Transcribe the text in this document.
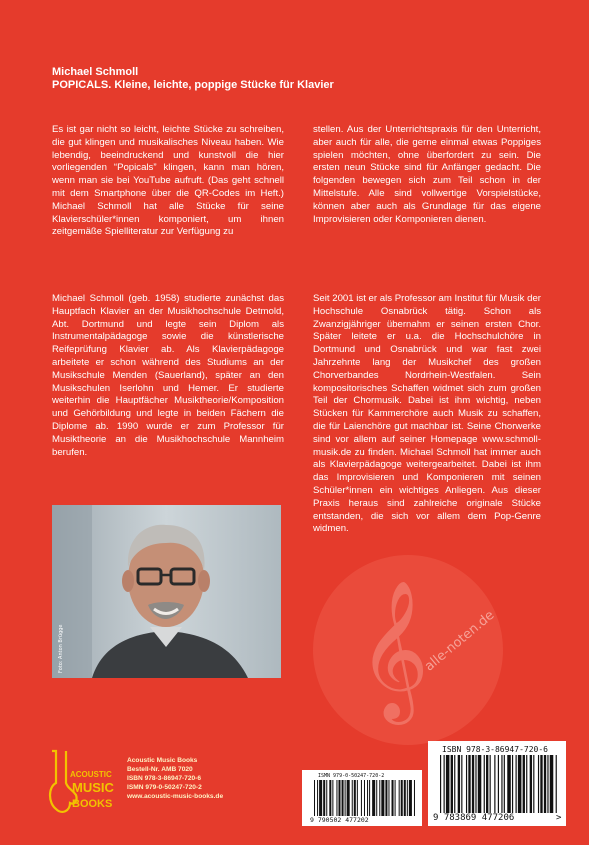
Michael Schmoll
POPICALS. Kleine, leichte, poppige Stücke für Klavier
Es ist gar nicht so leicht, leichte Stücke zu schreiben, die gut klingen und musikalisches Niveau haben. Wie lebendig, beeindruckend und kunstvoll die hier vorliegenden “Popicals” klingen, kann man hören, wenn man sie bei YouTube aufruft. (Das geht schnell mit dem Smartphone über die QR-Codes im Heft.) Michael Schmoll hat alle Stücke für seine Klavierschüler*innen komponiert, um ihnen zeitgemäße Spielliteratur zur Verfügung zu
stellen. Aus der Unterrichtspraxis für den Unterricht, aber auch für alle, die gerne einmal etwas Poppiges spielen möchten, ohne überfordert zu sein. Die ersten neun Stücke sind für Anfänger gedacht. Die folgenden bewegen sich zum Teil schon in der Mittelstufe. Alle sind vollwertige Vorspielstücke, können aber auch als Grundlage für das eigene Improvisieren oder Komponieren dienen.
Michael Schmoll (geb. 1958) studierte zunächst das Hauptfach Klavier an der Musikhochschule Detmold, Abt. Dortmund und legte sein Diplom als Instrumentalpädagoge sowie die künstlerische Reifeprüfung Klavier ab. Als Klavierpädagoge arbeitete er schon während des Studiums an der Musikschule Menden (Sauerland), später an den Musikschulen Iserlohn und Hemer. Er studierte weiterhin die Hauptfächer Musiktheorie/Komposition und Gehörbildung und legte in beiden Fächern die Diplome ab. 1990 wurde er zum Professor für Musiktheorie an die Musikhochschule Mannheim berufen.
Seit 2001 ist er als Professor am Institut für Musik der Hochschule Osnabrück tätig. Schon als Zwanzigjähriger übernahm er seinen ersten Chor. Später leitete er u.a. die Hochschulchöre in Dortmund und Osnabrück und war fast zwei Jahrzehnte lang der Musikchef des großen Chorverbandes Nordrhein-Westfalen. Sein kompositorisches Schaffen widmet sich zum großen Teil der Chormusik. Dabei ist ihm wichtig, neben Stücken für Kammerchöre auch Musik zu schaffen, die für Laienchöre gut machbar ist. Seine Chorwerke sind vor allem auf seiner Homepage www.schmoll-musik.de zu finden. Michael Schmoll hat immer auch als Klavierpädagoge weitergearbeitet. Dabei ist ihm das Improvisieren und Komponieren mit seinen Schüler*innen ein wichtiges Anliegen. Aus dieser Praxis heraus sind zahlreiche originale Stücke entstanden, die sich vor allem dem Pop-Genre widmen.
Foto: Anton Brügge 𝄞
alle-noten.de
ACOUSTIC
MUSIC
BOOKS
Acoustic Music Books
Bestell-Nr. AMB 7020
ISBN 978-3-86947-720-6
ISMN 979-0-50247-720-2
www.acoustic-music-books.de
ISMN 979-0-50247-720-2
9 790502 477202
ISBN 978-3-86947-720-6
9 783869 477206	>
